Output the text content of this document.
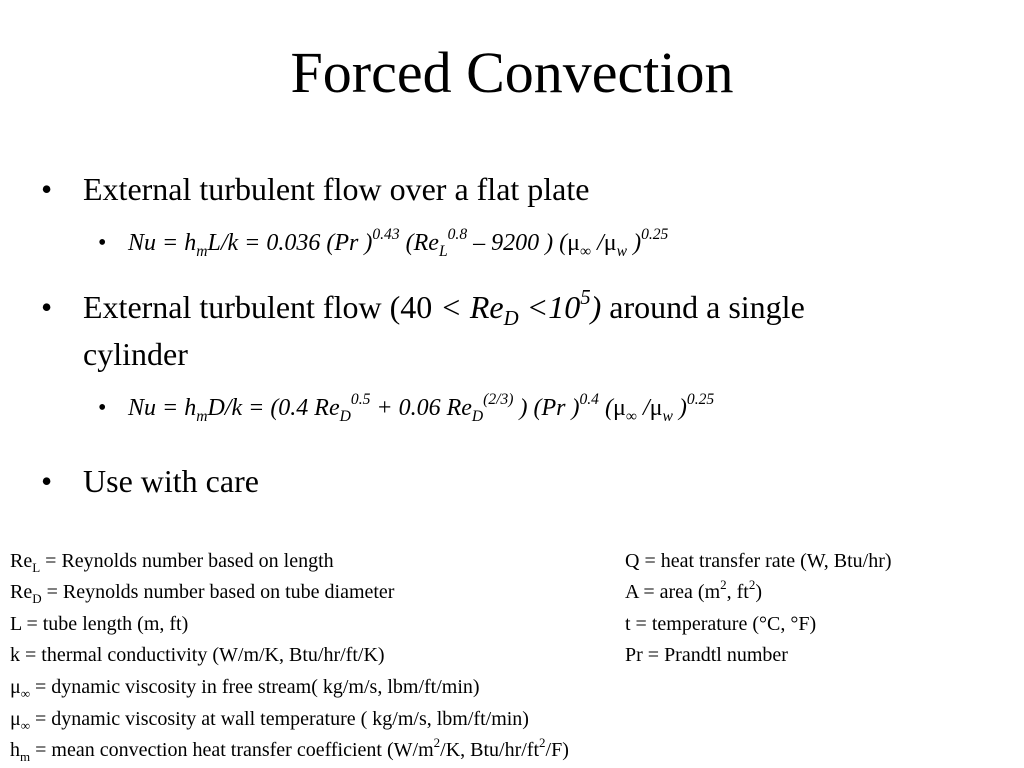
Forced Convection
• External turbulent flow over a flat plate
• $Nu = h_mL/k = 0.036$ (Pr )$^{0.43}$ ($Re_L^{0.8} - 9200$ ) ($\mu_\infty$ $/\mu_w$ )$^{0.25}$
• External turbulent flow $(40 < Re_D <10^5)$ around a single
cylinder
• $Nu = h_mD/k = (0.4$ $Re_D^{0.5} + 0.06$ $Re_D^{(2/3)}$ ) (Pr )$^{0.4}$ ($\mu_\infty$ $/\mu_w$ )$^{0.25}$
• Use with care
$Re_L$ = Reynolds number based on length
$Re_D$ = Reynolds number based on tube diameter
L = tube length (m, ft)
k = thermal conductivity (W/m/K, Btu/hr/ft/K)
$\mu_\infty$ = dynamic viscosity in free stream( kg/m/s, lbm/ft/min)
$\mu_\infty$ = dynamic viscosity at wall temperature ( kg/m/s, lbm/ft/min)
$h_m$ = mean convection heat transfer coefficient ($W/m^2/K$, Btu/$hr/ft^2/F$)
Q = heat transfer rate (W, Btu/hr)
A = area ($m^2$, $ft^2$)
t = temperature (°C, °F)
Pr = Prandtl number
